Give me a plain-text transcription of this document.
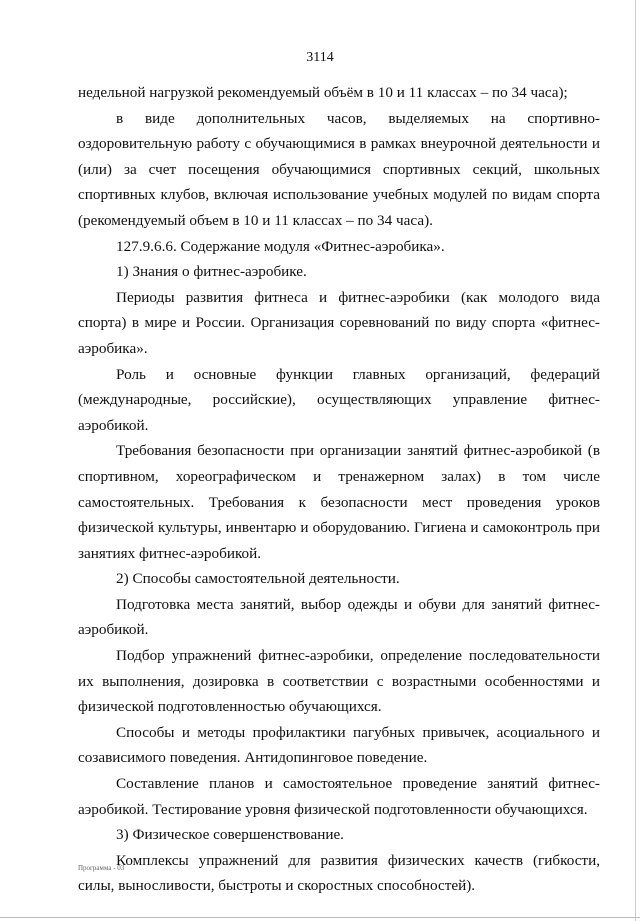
3114

недельной нагрузкой рекомендуемый объём в 10 и 11 классах – по 34 часа);

в виде дополнительных часов, выделяемых на спортивно-оздоровительную работу с обучающимися в рамках внеурочной деятельности и (или) за счет посещения обучающимися спортивных секций, школьных спортивных клубов, включая использование учебных модулей по видам спорта (рекомендуемый объем в 10 и 11 классах – по 34 часа).

127.9.6.6. Содержание модуля «Фитнес-аэробика».

1) Знания о фитнес-аэробике.

Периоды развития фитнеса и фитнес-аэробики (как молодого вида спорта) в мире и России. Организация соревнований по виду спорта «фитнес-аэробика».

Роль и основные функции главных организаций, федераций (международные, российские), осуществляющих управление фитнес-аэробикой.

Требования безопасности при организации занятий фитнес-аэробикой (в спортивном, хореографическом и тренажерном залах) в том числе самостоятельных. Требования к безопасности мест проведения уроков физической культуры, инвентарю и оборудованию. Гигиена и самоконтроль при занятиях фитнес-аэробикой.

2) Способы самостоятельной деятельности.

Подготовка места занятий, выбор одежды и обуви для занятий фитнес-аэробикой.

Подбор упражнений фитнес-аэробики, определение последовательности их выполнения, дозировка в соответствии с возрастными особенностями и физической подготовленностью обучающихся.

Способы и методы профилактики пагубных привычек, асоциального и созависимого поведения. Антидопинговое поведение.

Составление планов и самостоятельное проведение занятий фитнес-аэробикой. Тестирование уровня физической подготовленности обучающихся.

3) Физическое совершенствование.

Комплексы упражнений для развития физических качеств (гибкости, силы, выносливости, быстроты и скоростных способностей).

Программа - 03
